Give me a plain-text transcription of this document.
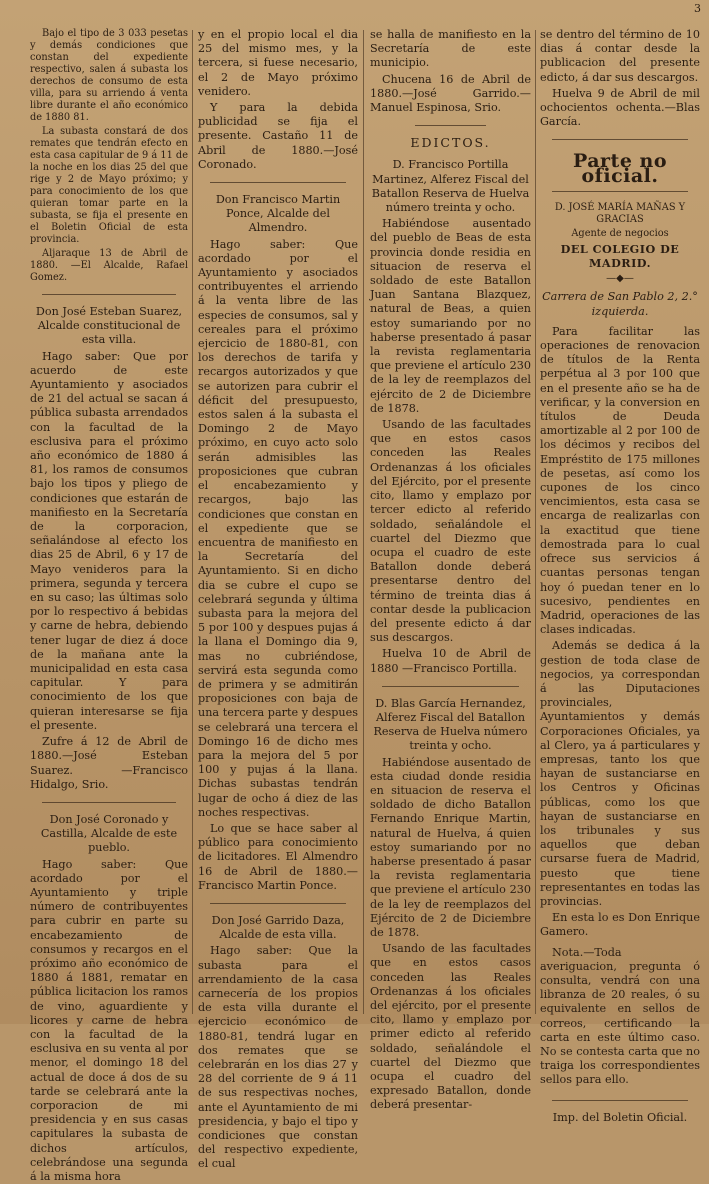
3

Bajo el tipo de 3 033 pesetas y demás condiciones que constan del expediente respectivo, salen á subasta los derechos de consumo de esta villa, para su arriendo á venta libre durante el año económico de 1880 81.

La subasta constará de dos remates que tendrán efecto en esta casa capitular de 9 á 11 de la noche en los dias 25 del que rige y 2 de Mayo próximo; y para conocimiento de los que quieran tomar parte en la subasta, se fija el presente en el Boletin Oficial de esta provincia.

Aljaraque 13 de Abril de 1880. —El Alcalde, Rafael Gomez.

Don José Esteban Suarez, Alcalde constitucional de esta villa.

Hago saber: Que por acuerdo de este Ayuntamiento y asociados de 21 del actual se sacan á pública subasta arrendados con la facultad de la esclusiva para el próximo año económico de 1880 á 81, los ramos de consumos bajo los tipos y pliego de condiciones que estarán de manifiesto en la Secretaría de la corporacion, señalándose al efecto los dias 25 de Abril, 6 y 17 de Mayo venideros para la primera, segunda y tercera en su caso; las últimas solo por lo respectivo á bebidas y carne de hebra, debiendo tener lugar de diez á doce de la mañana ante la municipalidad en esta casa capitular. Y para conocimiento de los que quieran interesarse se fija el presente.

Zufre á 12 de Abril de 1880.—José Esteban Suarez. —Francisco Hidalgo, Srio.

Don José Coronado y Castilla, Alcalde de este pueblo.

Hago saber: Que acordado por el Ayuntamiento y triple número de contribuyentes para cubrir en parte su encabezamiento de consumos y recargos en el próximo año económico de 1880 á 1881, rematar en pública licitacion los ramos de vino, aguardiente y licores y carne de hebra con la facultad de la esclusiva en su venta al por menor, el domingo 18 del actual de doce á dos de su tarde se celebrará ante la corporacion de mi presidencia y en sus casas capitulares la subasta de dichos artículos, celebrándose una segunda á la misma hora

y en el propio local el dia 25 del mismo mes, y la tercera, si fuese necesario, el 2 de Mayo próximo venidero.

Y para la debida publicidad se fija el presente. Castaño 11 de Abril de 1880.—José Coronado.

Don Francisco Martin Ponce, Alcalde del Almendro.

Hago saber: Que acordado por el Ayuntamiento y asociados contribuyentes el arriendo á la venta libre de las especies de consumos, sal y cereales para el próximo ejercicio de 1880-81, con los derechos de tarifa y recargos autorizados y que se autorizen para cubrir el déficit del presupuesto, estos salen á la subasta el Domingo 2 de Mayo próximo, en cuyo acto solo serán admisibles las proposiciones que cubran el encabezamiento y recargos, bajo las condiciones que constan en el expediente que se encuentra de manifiesto en la Secretaría del Ayuntamiento. Si en dicho dia se cubre el cupo se celebrará segunda y última subasta para la mejora del 5 por 100 y despues pujas á la llana el Domingo dia 9, mas no cubriéndose, servirá esta segunda como de primera y se admitirán proposiciones con baja de una tercera parte y despues se celebrará una tercera el Domingo 16 de dicho mes para la mejora del 5 por 100 y pujas á la llana. Dichas subastas tendrán lugar de ocho á diez de las noches respectivas.

Lo que se hace saber al público para conocimiento de licitadores. El Almendro 16 de Abril de 1880.—Francisco Martin Ponce.

Don José Garrido Daza, Alcalde de esta villa.

Hago saber: Que la subasta para el arrendamiento de la casa carnecería de los propios de esta villa durante el ejercicio económico de 1880-81, tendrá lugar en dos remates que se celebrarán en los dias 27 y 28 del corriente de 9 á 11 de sus respectivas noches, ante el Ayuntamiento de mi presidencia, y bajo el tipo y condiciones que constan del respectivo expediente, el cual

se halla de manifiesto en la Secretaría de este municipio.

Chucena 16 de Abril de 1880.—José Garrido.—Manuel Espinosa, Srio.

EDICTOS.

D. Francisco Portilla Martinez, Alferez Fiscal del Batallon Reserva de Huelva número treinta y ocho.

Habiéndose ausentado del pueblo de Beas de esta provincia donde residia en situacion de reserva el soldado de este Batallon Juan Santana Blazquez, natural de Beas, a quien estoy sumariando por no haberse presentado á pasar la revista reglamentaria que previene el artículo 230 de la ley de reemplazos del ejército de 2 de Diciembre de 1878.

Usando de las facultades que en estos casos conceden las Reales Ordenanzas á los oficiales del Ejército, por el presente cito, llamo y emplazo por tercer edicto al referido soldado, señalándole el cuartel del Diezmo que ocupa el cuadro de este Batallon donde deberá presentarse dentro del término de treinta dias á contar desde la publicacion del presente edicto á dar sus descargos.

Huelva 10 de Abril de 1880 —Francisco Portilla.

D. Blas García Hernandez, Alferez Fiscal del Batallon Reserva de Huelva número treinta y ocho.

Habiéndose ausentado de esta ciudad donde residia en situacion de reserva el soldado de dicho Batallon Fernando Enrique Martin, natural de Huelva, á quien estoy sumariando por no haberse presentado á pasar la revista reglamentaria que previene el artículo 230 de la ley de reemplazos del Ejército de 2 de Diciembre de 1878.

Usando de las facultades que en estos casos conceden las Reales Ordenanzas á los oficiales del ejército, por el presente cito, llamo y emplazo por primer edicto al referido soldado, señalándole el cuartel del Diezmo que ocupa el cuadro del expresado Batallon, donde deberá presentar-

se dentro del término de 10 dias á contar desde la publicacion del presente edicto, á dar sus descargos.

Huelva 9 de Abril de mil ochocientos ochenta.—Blas García.

Parte no oficial.

D. JOSÉ MARÍA MAÑAS Y GRACIAS

Agente de negocios

DEL COLEGIO DE MADRID.

—◆—

Carrera de San Pablo 2, 2.° izquierda.

Para facilitar las operaciones de renovacion de títulos de la Renta perpétua al 3 por 100 que en el presente año se ha de verificar, y la conversion en títulos de Deuda amortizable al 2 por 100 de los décimos y recibos del Empréstito de 175 millones de pesetas, así como los cupones de los cinco vencimientos, esta casa se encarga de realizarlas con la exactitud que tiene demostrada para lo cual ofrece sus servicios á cuantas personas tengan hoy ó puedan tener en lo sucesivo, pendientes en Madrid, operaciones de las clases indicadas.

Además se dedica á la gestion de toda clase de negocios, ya correspondan á las Diputaciones provinciales, Ayuntamientos y demás Corporaciones Oficiales, ya al Clero, ya á particulares y empresas, tanto los que hayan de sustanciarse en los Centros y Oficinas públicas, como los que hayan de sustanciarse en los tribunales y sus aquellos que deban cursarse fuera de Madrid, puesto que tiene representantes en todas las provincias.

En esta lo es Don Enrique Gamero.

Nota.—Toda averiguacion, pregunta ó consulta, vendrá con una libranza de 20 reales, ó su equivalente en sellos de correos, certificando la carta en este último caso. No se contesta carta que no traiga los correspondientes sellos para ello.

Imp. del Boletin Oficial.
